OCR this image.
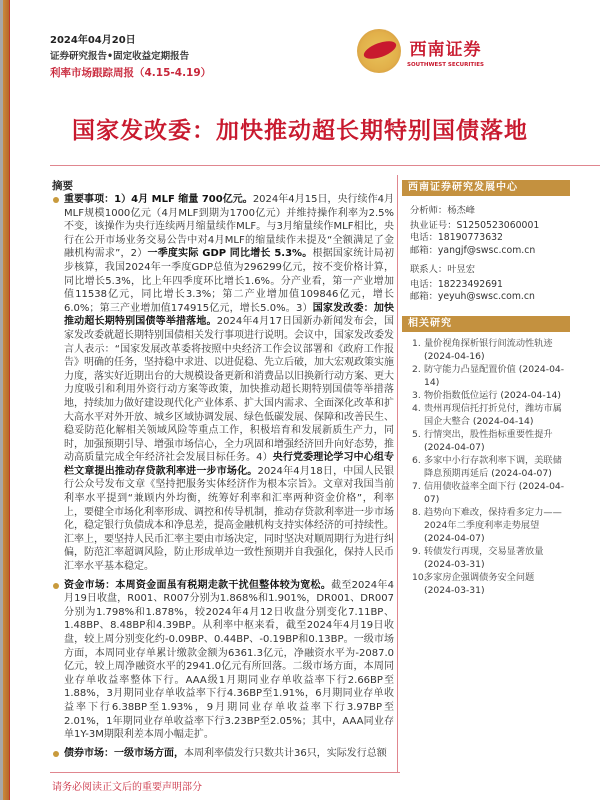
2024年04月20日
证券研究报告•固定收益定期报告
利率市场跟踪周报（4.15-4.19）
西南证券
SOUTHWEST SECURITIES
国家发改委：加快推动超长期特别国债落地
摘要
重要事项：1）4月 MLF 缩量 700亿元。2024年4月15日，央行续作4月MLF规模1000亿元（4月MLF到期为1700亿元）并维持操作利率为2.5%不变，该操作为央行连续两月缩量续作MLF。与3月缩量续作MLF相比，央行在公开市场业务交易公告中对4月MLF的缩量续作未提及“全额满足了金融机构需求”，2）一季度实际 GDP 同比增长 5.3%。根据国家统计局初步核算，我国2024年一季度GDP总值为296299亿元，按不变价格计算，同比增长5.3%，比上年四季度环比增长1.6%。分产业看，第一产业增加值11538亿元，同比增长3.3%；第二产业增加值109846亿元，增长6.0%；第三产业增加值174915亿元，增长5.0%。3）国家发改委：加快推动超长期特别国债等举措落地。2024年4月17日国新办新闻发布会，国家发改委就超长期特别国债相关发行事项进行说明。会议中，国家发改委发言人表示：“国家发展改革委将按照中央经济工作会议部署和《政府工作报告》明确的任务，坚持稳中求进、以进促稳、先立后破，加大宏观政策实施力度，落实好近期出台的大规模设备更新和消费品以旧换新行动方案、更大力度吸引和利用外资行动方案等政策，加快推动超长期特别国债等举措落地，持续加力做好建设现代化产业体系、扩大国内需求、全面深化改革和扩大高水平对外开放、城乡区域协调发展、绿色低碳发展、保障和改善民生、稳妥防范化解相关领域风险等重点工作，积极培育和发展新质生产力，同时，加强预期引导、增强市场信心，全力巩固和增强经济回升向好态势，推动高质量完成全年经济社会发展目标任务。4）央行党委理论学习中心组专栏文章提出推动存贷款利率进一步市场化。2024年4月18日，中国人民银行公众号发布文章《坚持把服务实体经济作为根本宗旨》。文章对我国当前利率水平提到“兼顾内外均衡，统筹好利率和汇率两种资金价格”，利率上，要健全市场化利率形成、调控和传导机制，推动存贷款利率进一步市场化，稳定银行负债成本和净息差，提高金融机构支持实体经济的可持续性。汇率上，要坚持人民币汇率主要由市场决定，同时坚决对顺周期行为进行纠偏，防范汇率超调风险，防止形成单边一致性预期并自我强化，保持人民币汇率水平基本稳定。
资金市场：本周资金面虽有税期走款干扰但整体较为宽松。截至2024年4月19日收盘，R001、R007分别为1.868%和1.901%，DR001、DR007分别为1.798%和1.878%，较2024年4月12日收盘分别变化7.11BP、1.48BP、8.48BP和4.39BP。从利率中枢来看，截至2024年4月19日收盘，较上周分别变化约-0.09BP、0.44BP、-0.19BP和0.13BP。一级市场方面，本周同业存单累计缴款金额为6361.3亿元，净融资水平为-2087.0亿元，较上周净融资水平的2941.0亿元有所回落。二级市场方面，本周同业存单收益率整体下行。AAA级1月期同业存单收益率下行2.66BP至1.88%，3月期同业存单收益率下行4.36BP至1.91%，6月期同业存单收益率下行6.38BP至1.93%，9月期同业存单收益率下行3.97BP至2.01%，1年期同业存单收益率下行3.23BP至2.05%；其中，AAA同业存单1Y-3M期限利差本周小幅走扩。
债券市场：一级市场方面，本周利率债发行只数共计36只，实际发行总额
西南证券研究发展中心
分析师：杨杰峰
执业证号：S1250523060001
电话：18190773632
邮箱：yangjf@swsc.com.cn
联系人：叶昱宏
电话：18223492691
邮箱：yeyuh@swsc.com.cn
相关研究
1. 量价视角探析银行间流动性轨迹
(2024-04-16)
2. 防守能力凸显配置价值 (2024-04-14)
3. 物价指数低位运行 (2024-04-14)
4. 贵州再现信托打折兑付，潍坊市属国企大整合 (2024-04-14)
5. 行情突出，股性指标重要性提升
(2024-04-07)
6. 多家中小行存款利率下调，美联储降息预期再延后 (2024-04-07)
7. 信用债收益率全面下行 (2024-04-07)
8. 趋势向下难改，保持看多定力——2024年二季度利率走势展望 (2024-04-07)
9. 转债发行再现，交易显著放量
(2024-03-31)
10.
多家房企强调债务安全问题
(2024-03-31)
请务必阅读正文后的重要声明部分
